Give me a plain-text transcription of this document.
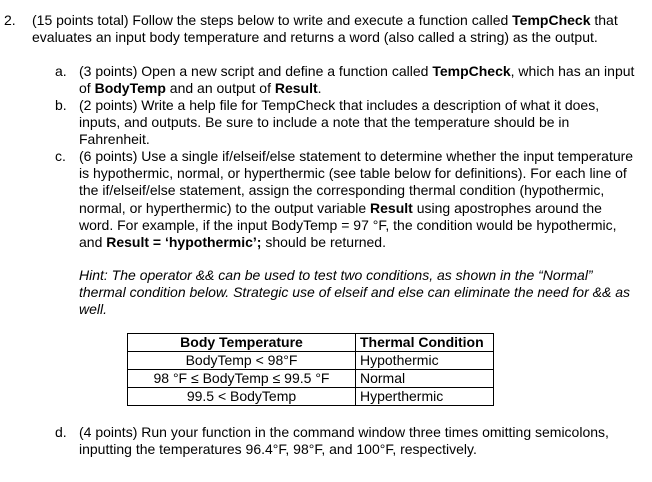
2. (15 points total) Follow the steps below to write and execute a function called TempCheck that evaluates an input body temperature and returns a word (also called a string) as the output.
a. (3 points) Open a new script and define a function called TempCheck, which has an input of BodyTemp and an output of Result.
b. (2 points) Write a help file for TempCheck that includes a description of what it does, inputs, and outputs. Be sure to include a note that the temperature should be in Fahrenheit.
c. (6 points) Use a single if/elseif/else statement to determine whether the input temperature is hypothermic, normal, or hyperthermic (see table below for definitions). For each line of the if/elseif/else statement, assign the corresponding thermal condition (hypothermic, normal, or hyperthermic) to the output variable Result using apostrophes around the word. For example, if the input BodyTemp = 97 °F, the condition would be hypothermic, and Result = ‘hypothermic’; should be returned.
Hint: The operator && can be used to test two conditions, as shown in the “Normal” thermal condition below. Strategic use of elseif and else can eliminate the need for && as well.
Body Temperature	Thermal Condition
BodyTemp < 98°F	Hypothermic
98 °F ≤ BodyTemp ≤ 99.5 °F	Normal
99.5 < BodyTemp	Hyperthermic
d. (4 points) Run your function in the command window three times omitting semicolons, inputting the temperatures 96.4°F, 98°F, and 100°F, respectively.
